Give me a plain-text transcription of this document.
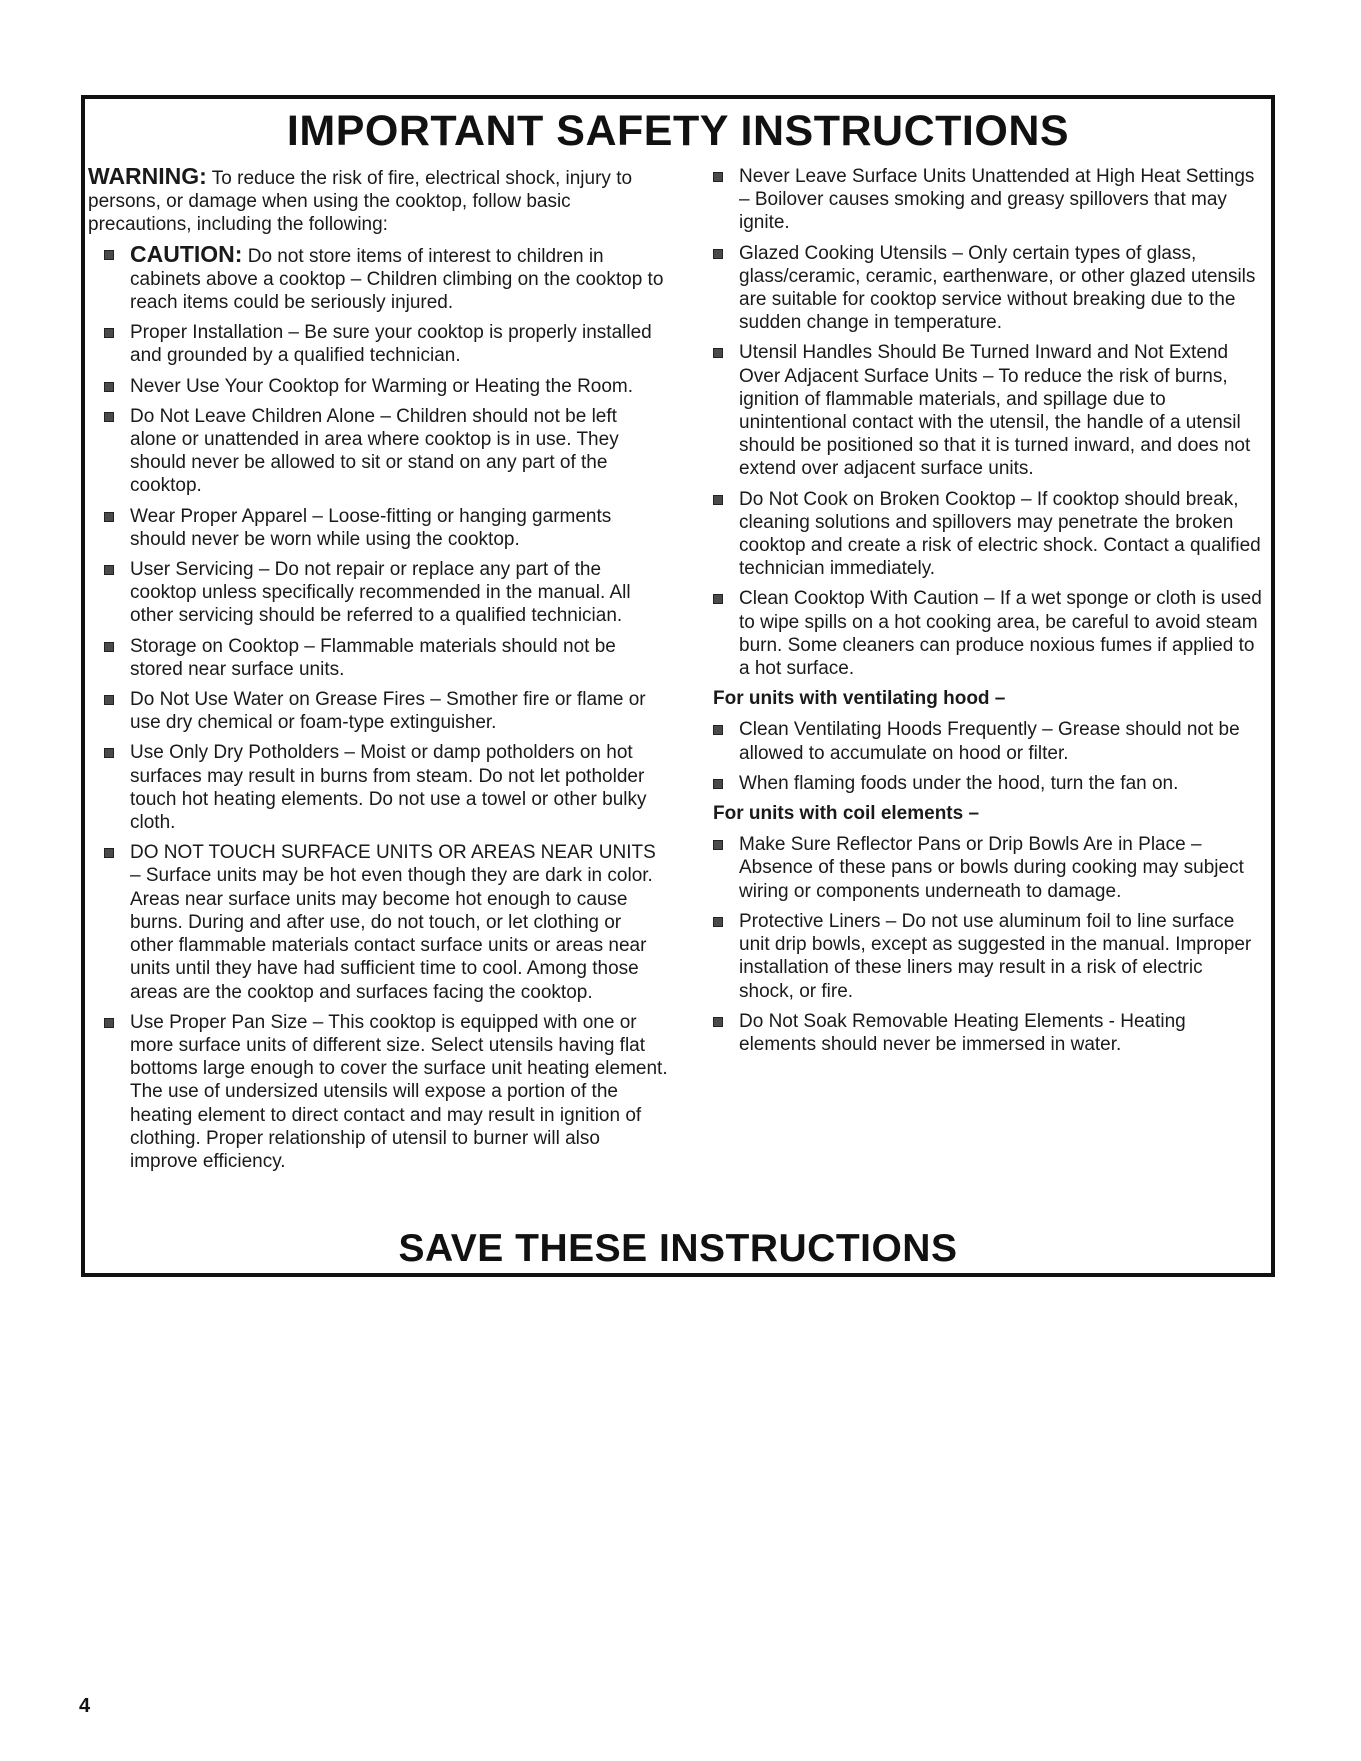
IMPORTANT SAFETY INSTRUCTIONS

WARNING: To reduce the risk of fire, electrical shock, injury to persons, or damage when using the cooktop, follow basic precautions, including the following:

CAUTION: Do not store items of interest to children in cabinets above a cooktop – Children climbing on the cooktop to reach items could be seriously injured.
Proper Installation – Be sure your cooktop is properly installed and grounded by a qualified technician.
Never Use Your Cooktop for Warming or Heating the Room.
Do Not Leave Children Alone – Children should not be left alone or unattended in area where cooktop is in use. They should never be allowed to sit or stand on any part of the cooktop.
Wear Proper Apparel – Loose-fitting or hanging garments should never be worn while using the cooktop.
User Servicing – Do not repair or replace any part of the cooktop unless specifically recommended in the manual. All other servicing should be referred to a qualified technician.
Storage on Cooktop – Flammable materials should not be stored near surface units.
Do Not Use Water on Grease Fires – Smother fire or flame or use dry chemical or foam-type extinguisher.
Use Only Dry Potholders – Moist or damp potholders on hot surfaces may result in burns from steam. Do not let potholder touch hot heating elements. Do not use a towel or other bulky cloth.
DO NOT TOUCH SURFACE UNITS OR AREAS NEAR UNITS – Surface units may be hot even though they are dark in color. Areas near surface units may become hot enough to cause burns. During and after use, do not touch, or let clothing or other flammable materials contact surface units or areas near units until they have had sufficient time to cool. Among those areas are the cooktop and surfaces facing the cooktop.
Use Proper Pan Size – This cooktop is equipped with one or more surface units of different size. Select utensils having flat bottoms large enough to cover the surface unit heating element. The use of undersized utensils will expose a portion of the heating element to direct contact and may result in ignition of clothing. Proper relationship of utensil to burner will also improve efficiency.
Never Leave Surface Units Unattended at High Heat Settings – Boilover causes smoking and greasy spillovers that may ignite.
Glazed Cooking Utensils – Only certain types of glass, glass/ceramic, ceramic, earthenware, or other glazed utensils are suitable for cooktop service without breaking due to the sudden change in temperature.
Utensil Handles Should Be Turned Inward and Not Extend Over Adjacent Surface Units – To reduce the risk of burns, ignition of flammable materials, and spillage due to unintentional contact with the utensil, the handle of a utensil should be positioned so that it is turned inward, and does not extend over adjacent surface units.
Do Not Cook on Broken Cooktop – If cooktop should break, cleaning solutions and spillovers may penetrate the broken cooktop and create a risk of electric shock. Contact a qualified technician immediately.
Clean Cooktop With Caution – If a wet sponge or cloth is used to wipe spills on a hot cooking area, be careful to avoid steam burn. Some cleaners can produce noxious fumes if applied to a hot surface.

For units with ventilating hood –

Clean Ventilating Hoods Frequently – Grease should not be allowed to accumulate on hood or filter.
When flaming foods under the hood, turn the fan on.

For units with coil elements –

Make Sure Reflector Pans or Drip Bowls Are in Place – Absence of these pans or bowls during cooking may subject wiring or components underneath to damage.
Protective Liners – Do not use aluminum foil to line surface unit drip bowls, except as suggested in the manual. Improper installation of these liners may result in a risk of electric shock, or fire.
Do Not Soak Removable Heating Elements - Heating elements should never be immersed in water.
SAVE THESE INSTRUCTIONS
4
